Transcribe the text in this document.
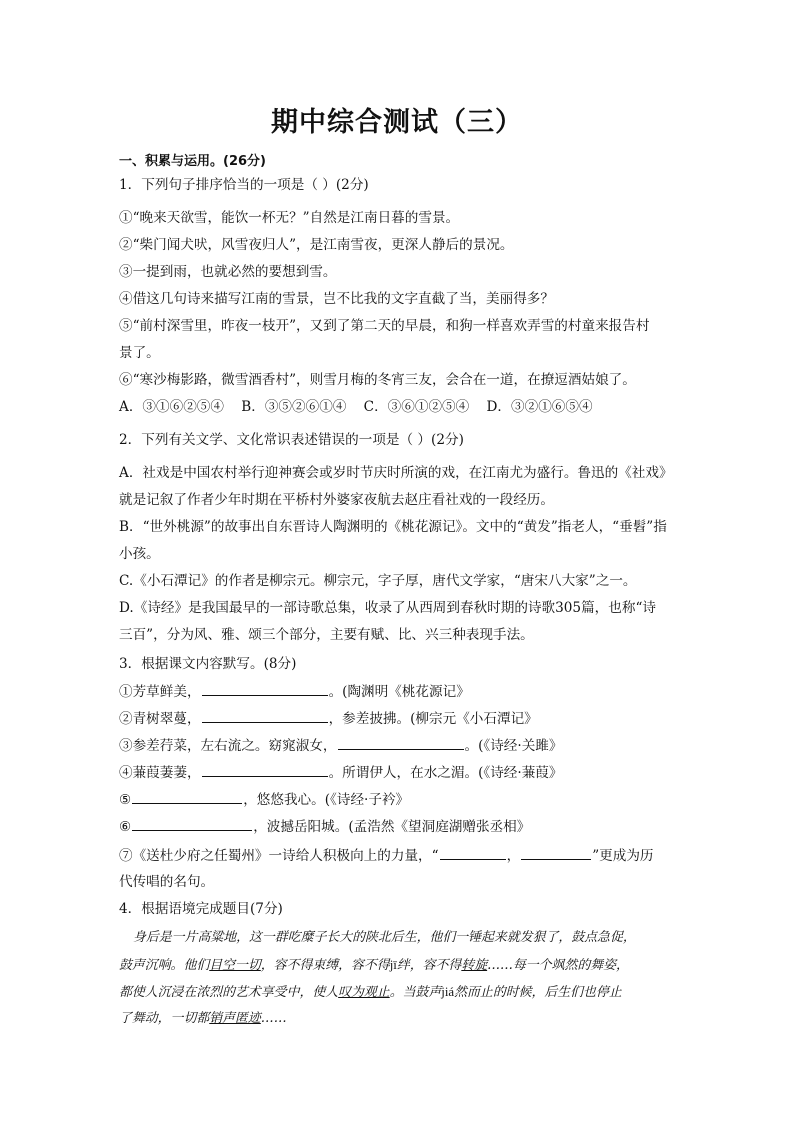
期中综合测试（三）
一、积累与运用。(26分)
1．下列句子排序恰当的一项是（ ）(2分)
①“晚来天欲雪，能饮一杯无？”自然是江南日暮的雪景。
②“柴门闻犬吠，风雪夜归人”，是江南雪夜，更深人静后的景况。
③一提到雨，也就必然的要想到雪。
④借这几句诗来描写江南的雪景，岂不比我的文字直截了当，美丽得多？
⑤“前村深雪里，昨夜一枝开”，又到了第二天的早晨，和狗一样喜欢弄雪的村童来报告村
景了。
⑥“寒沙梅影路，微雪酒香村”，则雪月梅的冬宵三友，会合在一道，在撩逗酒姑娘了。
A．③①⑥②⑤④    B．③⑤②⑥①④    C．③⑥①②⑤④    D．③②①⑥⑤④
2．下列有关文学、文化常识表述错误的一项是（ ）(2分)
A．社戏是中国农村举行迎神赛会或岁时节庆时所演的戏，在江南尤为盛行。鲁迅的《社戏》
就是记叙了作者少年时期在平桥村外婆家夜航去赵庄看社戏的一段经历。
B．“世外桃源”的故事出自东晋诗人陶渊明的《桃花源记》。文中的“黄发”指老人，“垂髫”指
小孩。
C.《小石潭记》的作者是柳宗元。柳宗元，字子厚，唐代文学家，“唐宋八大家”之一。
D.《诗经》是我国最早的一部诗歌总集，收录了从西周到春秋时期的诗歌305篇，也称“诗
三百”，分为风、雅、颂三个部分，主要有赋、比、兴三种表现手法。
3．根据课文内容默写。(8分)
①芳草鲜美，	。(陶渊明《桃花源记》
②青树翠蔓，	，参差披拂。(柳宗元《小石潭记》
③参差荇菜，左右流之。窈窕淑女，	。(《诗经·关雎》
④蒹葭萋萋，	。所谓伊人，在水之湄。(《诗经·蒹葭》
⑤	，悠悠我心。(《诗经·子衿》
⑥	，波撼岳阳城。(孟浩然《望洞庭湖赠张丞相》
⑦《送杜少府之任蜀州》一诗给人积极向上的力量，“	，	”更成为历
代传唱的名句。
4．根据语境完成题目(7分)
身后是一片高粱地，这一群吃糜子长大的陕北后生，他们一锤起来就发狠了，鼓点急促，
鼓声沉响。他们目空一切，容不得束缚，容不得jī绊，容不得转旋……每一个飒然的舞姿，
都使人沉浸在浓烈的艺术享受中，使人叹为观止。当鼓声jiá然而止的时候，后生们也停止
了舞动，一切都销声匿迹……
